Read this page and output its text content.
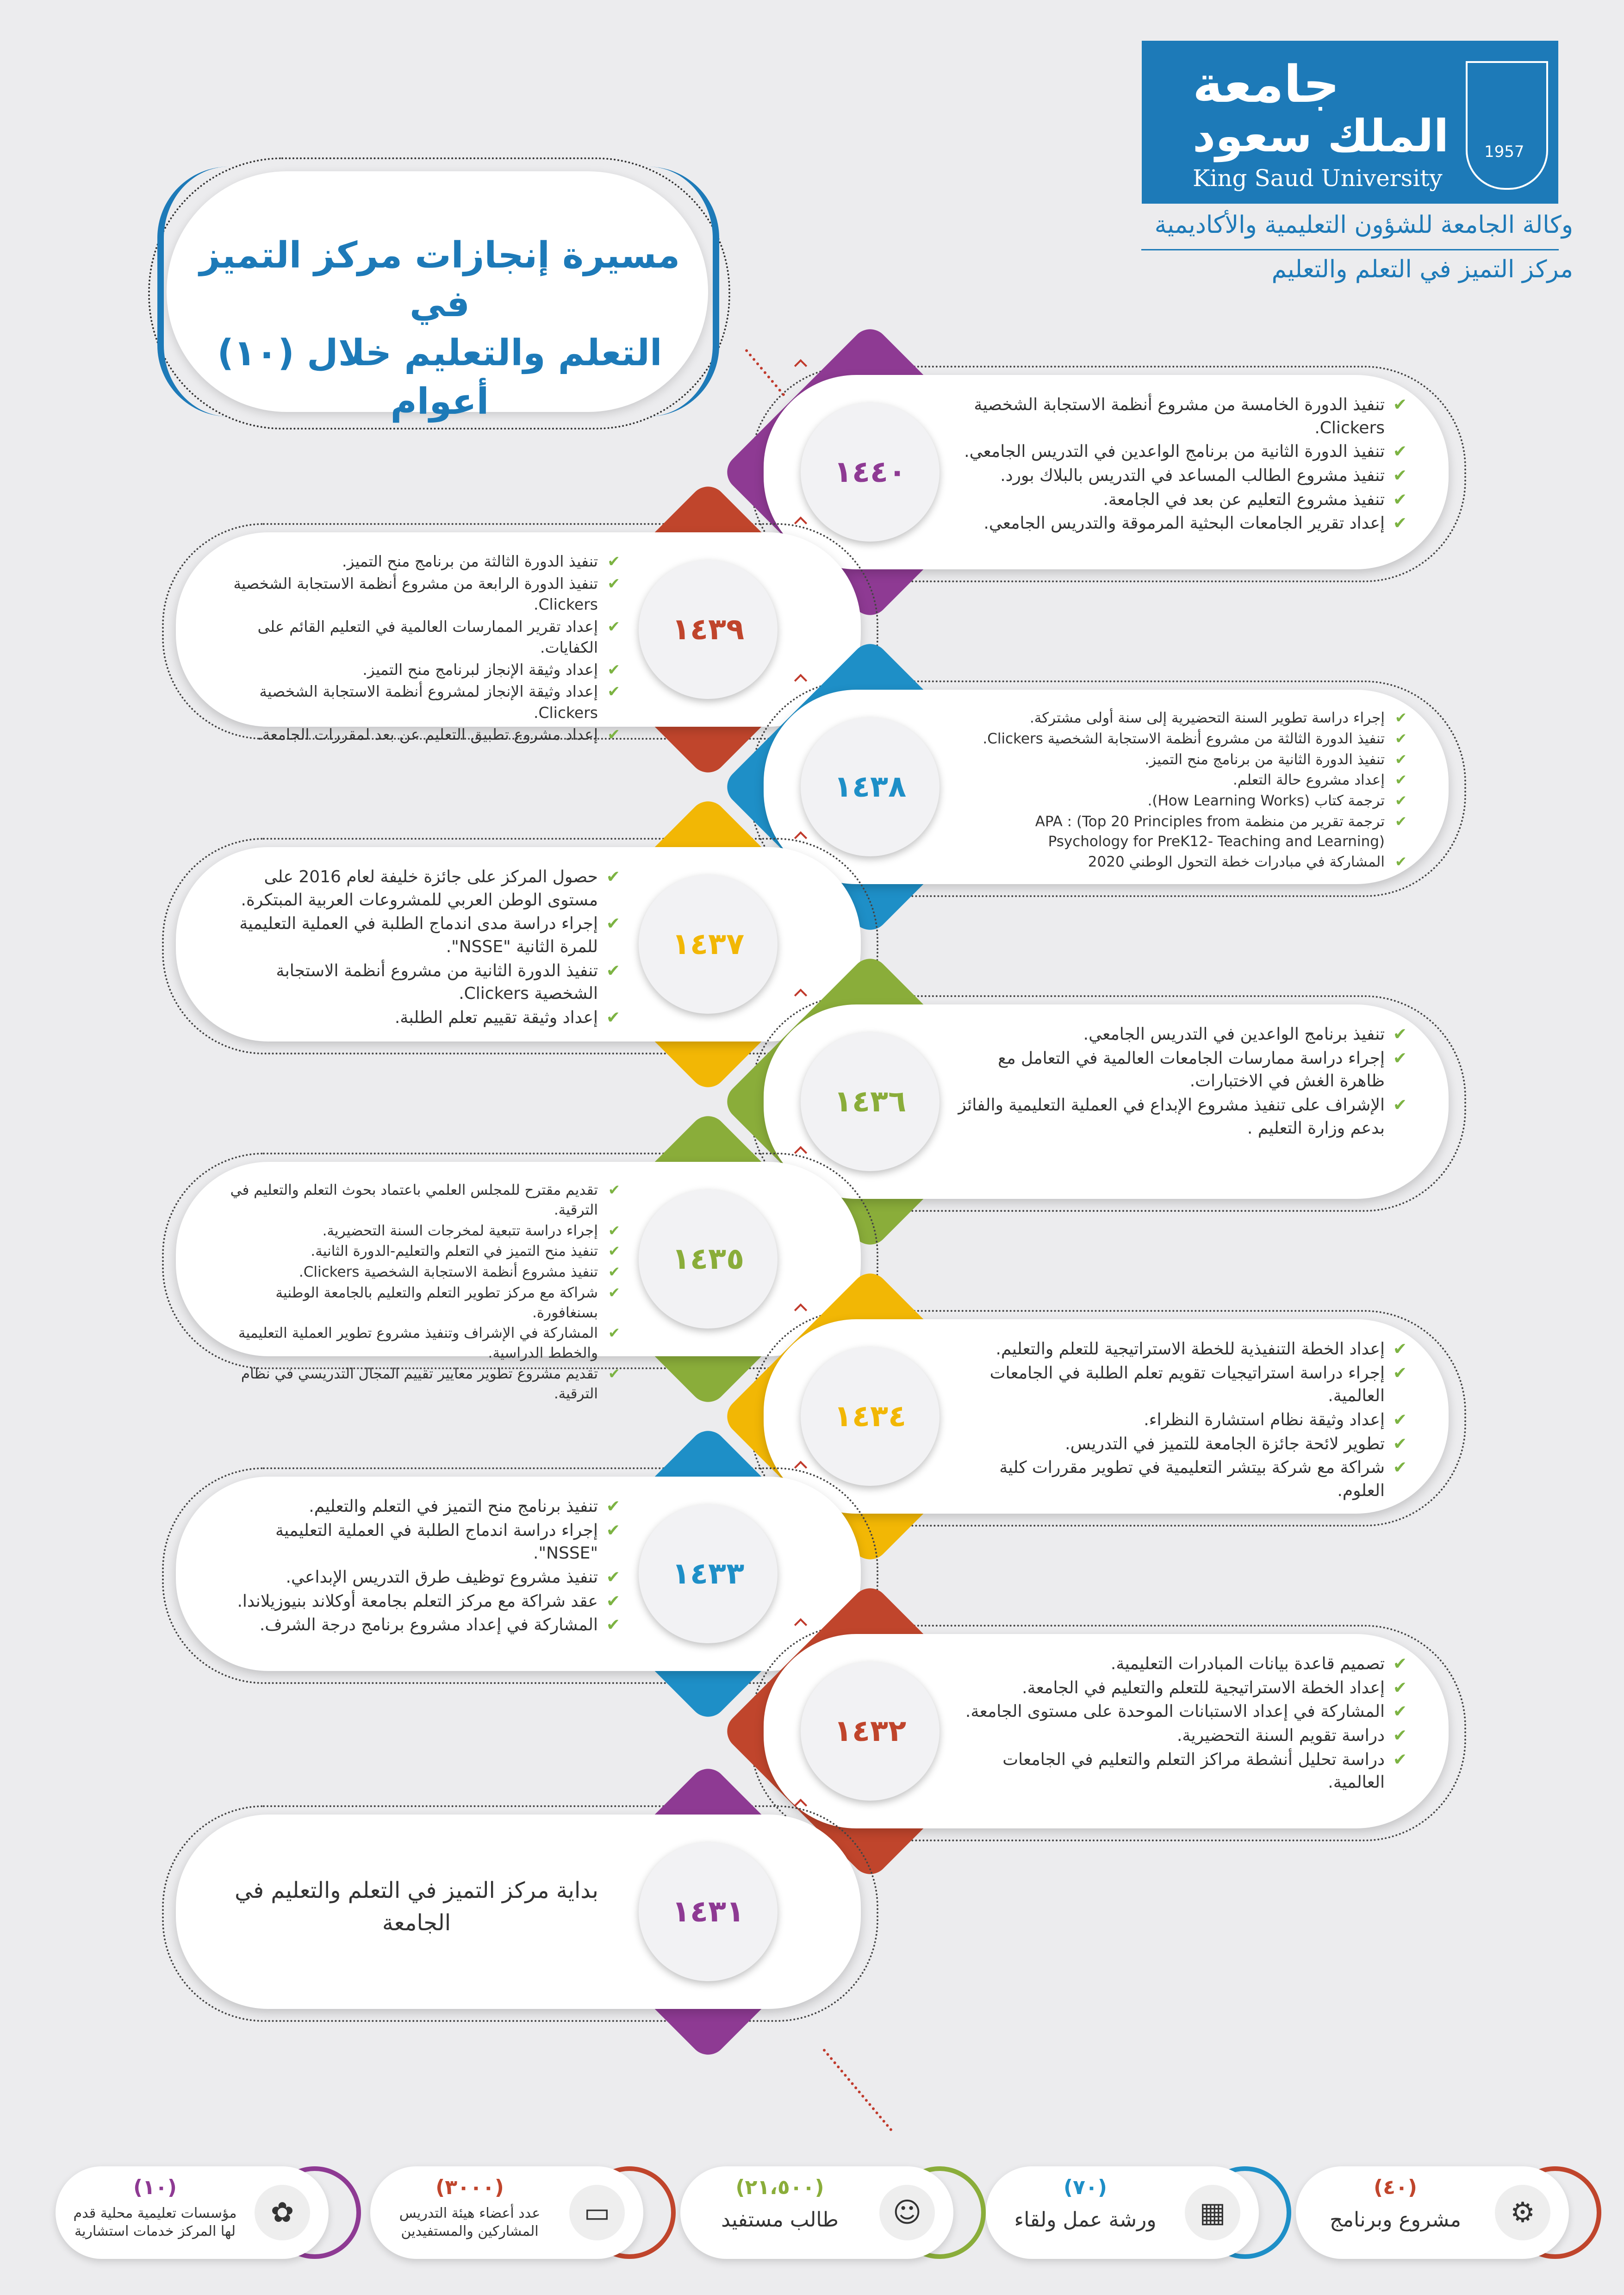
جامعة
الملك سعود
King Saud University
1957
وكالة الجامعة للشؤون التعليمية والأكاديمية
مركز التميز في التعلم والتعليم
مسيرة إنجازات مركز التميز في
التعلم والتعليم خلال (١٠) أعوام
١٤٤٠
✔
تنفيذ الدورة الخامسة من مشروع أنظمة الاستجابة الشخصية Clickers.
✔
تنفيذ الدورة الثانية من برنامج الواعدين في التدريس الجامعي.
✔
تنفيذ مشروع الطالب المساعد في التدريس بالبلاك بورد.
✔
تنفيذ مشروع التعليم عن بعد في الجامعة.
✔
إعداد تقرير الجامعات البحثية المرموقة والتدريس الجامعي.
١٤٣٩
✔
تنفيذ الدورة الثالثة من برنامج منح التميز.
✔
تنفيذ الدورة الرابعة من مشروع أنظمة الاستجابة الشخصية Clickers.
✔
إعداد تقرير الممارسات العالمية في التعليم القائم على الكفايات.
✔
إعداد وثيقة الإنجاز لبرنامج منح التميز.
✔
إعداد وثيقة الإنجاز لمشروع أنظمة الاستجابة الشخصية Clickers.
✔
إعداد مشروع تطبيق التعليم عن بعد لمقررات الجامعة.
١٤٣٨
✔
إجراء دراسة تطوير السنة التحضيرية إلى سنة أولى مشتركة.
✔
تنفيذ الدورة الثالثة من مشروع أنظمة الاستجابة الشخصية Clickers.
✔
تنفيذ الدورة الثانية من برنامج منح التميز.
✔
إعداد مشروع حالة التعلم.
✔
ترجمة كتاب (How Learning Works).
✔
ترجمة تقرير من منظمة APA : (Top 20 Principles from Psychology for PreK12- Teaching and Learning)
✔
المشاركة في مبادرات خطة التحول الوطني 2020
١٤٣٧
✔
حصول المركز على جائزة خليفة لعام 2016 على مستوى الوطن العربي للمشروعات العربية المبتكرة.
✔
إجراء دراسة مدى اندماج الطلبة في العملية التعليمية للمرة الثانية "NSSE".
✔
تنفيذ الدورة الثانية من مشروع أنظمة الاستجابة الشخصية Clickers.
✔
إعداد وثيقة تقييم تعلم الطلبة.
١٤٣٦
✔
تنفيذ برنامج الواعدين في التدريس الجامعي.
✔
إجراء دراسة ممارسات الجامعات العالمية في التعامل مع ظاهرة الغش في الاختبارات.
✔
الإشراف على تنفيذ مشروع الإبداع في العملية التعليمية والفائز بدعم وزارة التعليم .
١٤٣٥
✔
تقديم مقترح للمجلس العلمي باعتماد بحوث التعلم والتعليم في الترقية.
✔
إجراء دراسة تتبعية لمخرجات السنة التحضيرية.
✔
تنفيذ منح التميز في التعلم والتعليم-الدورة الثانية.
✔
تنفيذ مشروع أنظمة الاستجابة الشخصية Clickers.
✔
شراكة مع مركز تطوير التعلم والتعليم بالجامعة الوطنية بسنغافورة.
✔
المشاركة في الإشراف وتنفيذ مشروع تطوير العملية التعليمية والخطط الدراسية.
✔
تقديم مشروع تطوير معايير تقييم المجال التدريسي في نظام الترقية.
١٤٣٤
✔
إعداد الخطة التنفيذية للخطة الاستراتيجية للتعلم والتعليم.
✔
إجراء دراسة استراتيجيات تقويم تعلم الطلبة في الجامعات العالمية.
✔
إعداد وثيقة نظام استشارة النظراء.
✔
تطوير لائحة جائزة الجامعة للتميز في التدريس.
✔
شراكة مع شركة بيتشر التعليمية في تطوير مقررات كلية العلوم.
١٤٣٣
✔
تنفيذ برنامج منح التميز في التعلم والتعليم.
✔
إجراء دراسة اندماج الطلبة في العملية التعليمية "NSSE".
✔
تنفيذ مشروع توظيف طرق التدريس الإبداعي.
✔
عقد شراكة مع مركز التعلم بجامعة أوكلاند بنيوزيلاندا.
✔
المشاركة في إعداد مشروع برنامج درجة الشرف.
١٤٣٢
✔
تصميم قاعدة بيانات المبادرات التعليمية.
✔
إعداد الخطة الاستراتيجية للتعلم والتعليم في الجامعة.
✔
المشاركة في إعداد الاستبانات الموحدة على مستوى الجامعة.
✔
دراسة تقويم السنة التحضيرية.
✔
دراسة تحليل أنشطة مراكز التعلم والتعليم في الجامعات العالمية.
١٤٣١
بداية مركز التميز في التعلم والتعليم في الجامعة
⚙
(٤٠)
مشروع وبرنامج
▦
(٧٠)
ورشة عمل ولقاء
☺
(٢١،٥٠٠)
طالب مستفيد
▭
(٣٠٠٠)
عدد أعضاء هيئة التدريس المشاركين والمستفيدين
✿
(١٠)
مؤسسات تعليمية محلية قدم لها المركز خدمات استشارية
